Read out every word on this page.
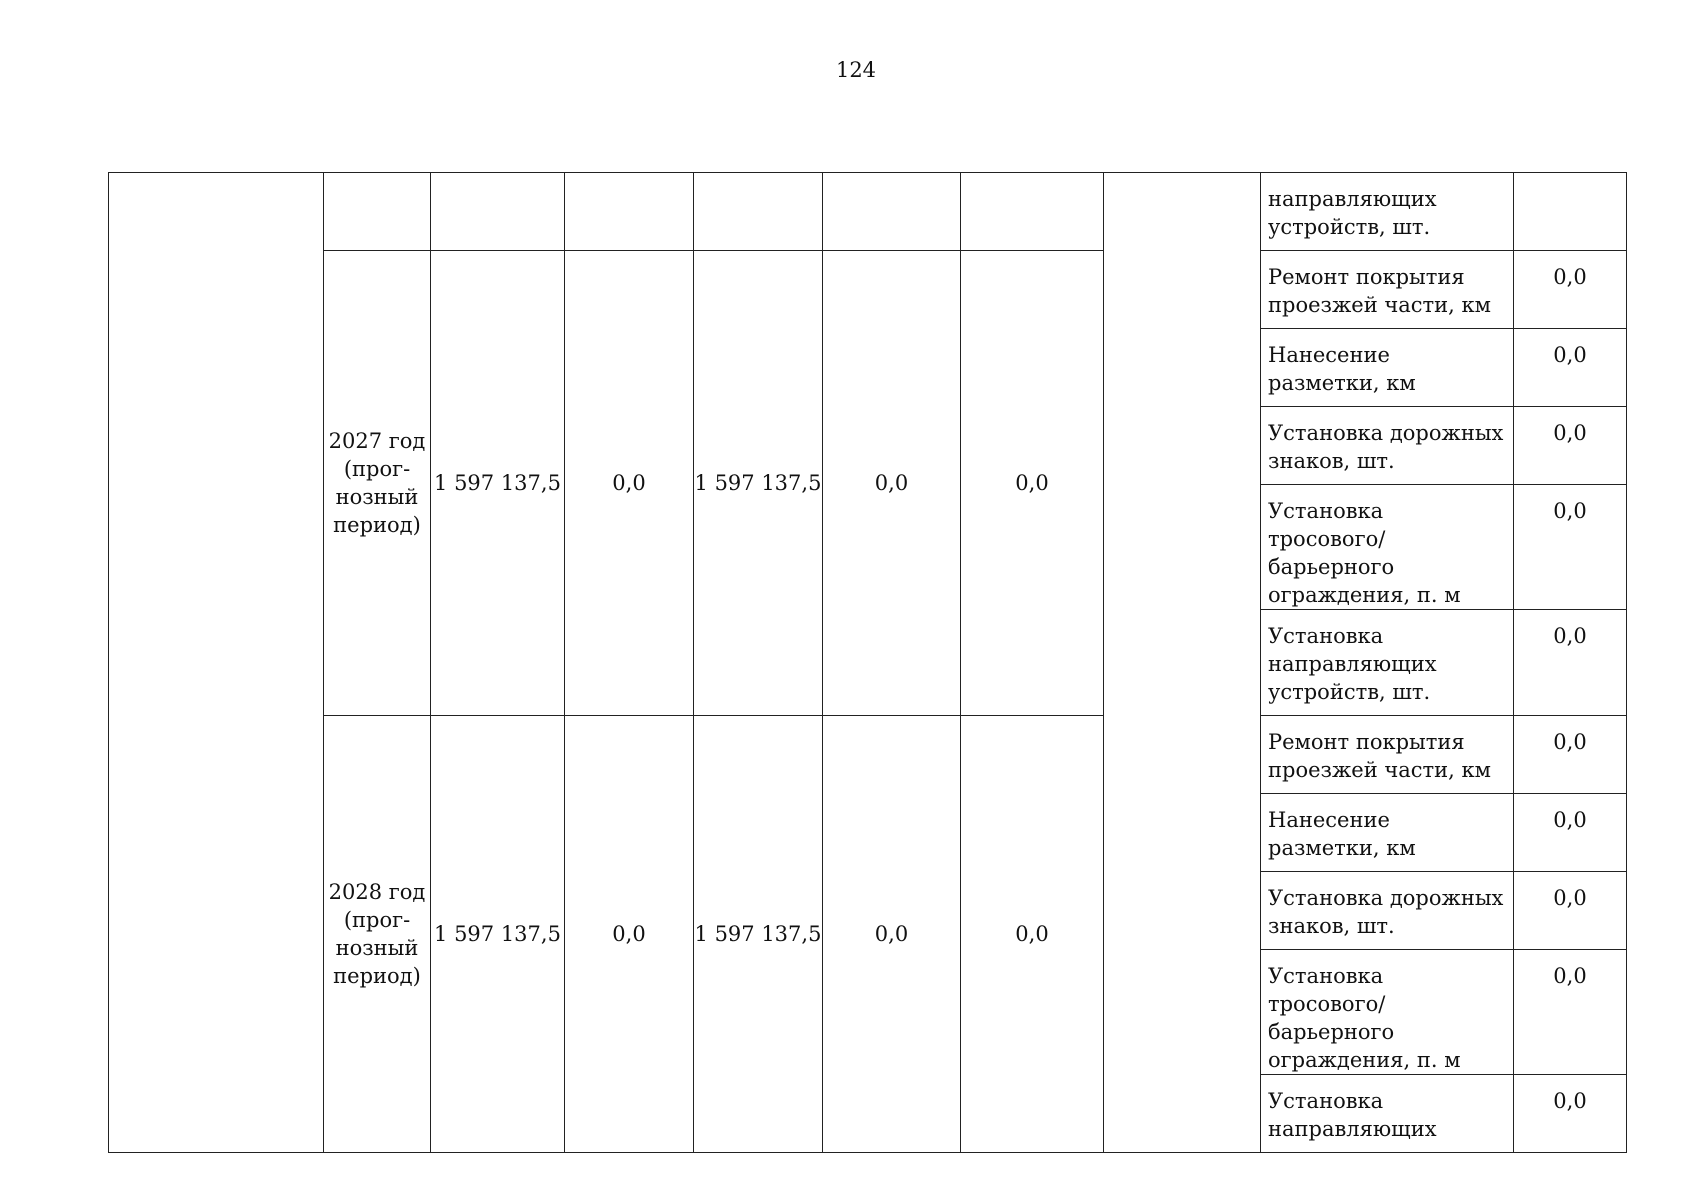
124
								направляющих устройств, шт.	
	2027 год (прог-нозный период)	1 597 137,5	0,0	1 597 137,5	0,0	0,0		Ремонт покрытия проезжей части, км	0,0
								Нанесение разметки, км	0,0
								Установка дорожных знаков, шт.	0,0
								Установка тросового/барьерного ограждения, п. м	0,0
								Установка направляющих устройств, шт.	0,0
	2028 год (прог-нозный период)	1 597 137,5	0,0	1 597 137,5	0,0	0,0		Ремонт покрытия проезжей части, км	0,0
								Нанесение разметки, км	0,0
								Установка дорожных знаков, шт.	0,0
								Установка тросового/барьерного ограждения, п. м	0,0
								Установка направляющих	0,0
